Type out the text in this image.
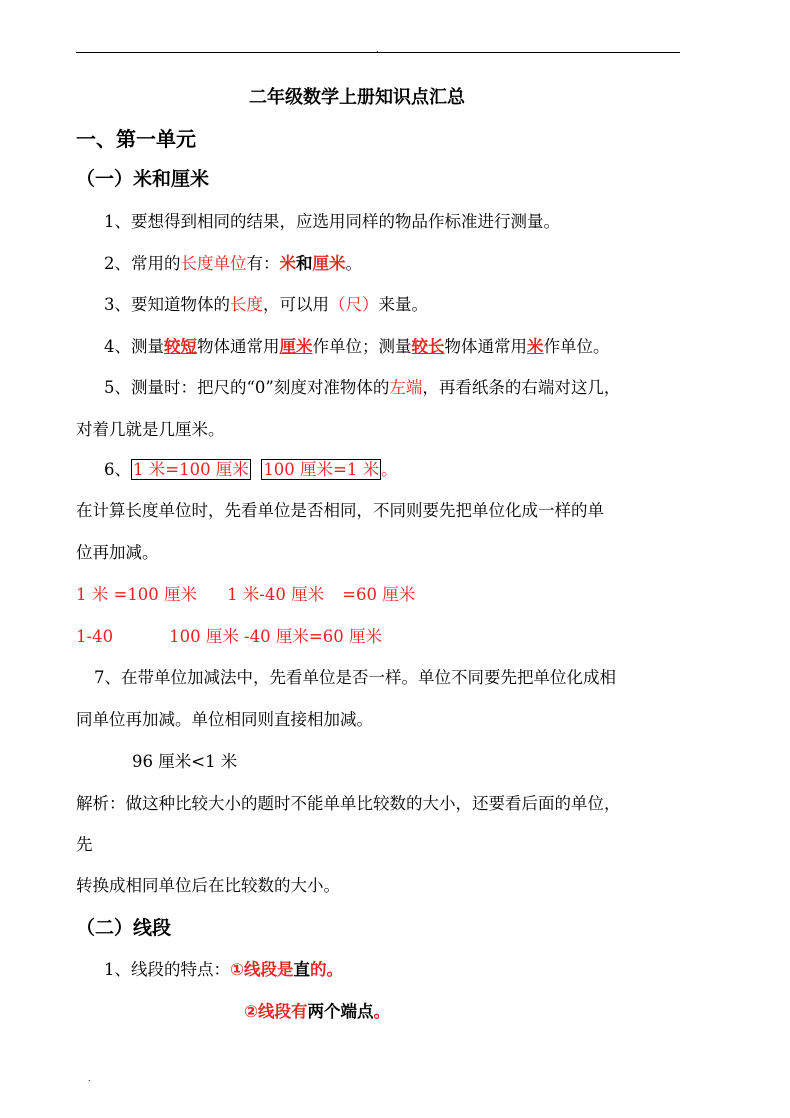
.
二年级数学上册知识点汇总
一、第一单元
（一）米和厘米
1、要想得到相同的结果，应选用同样的物品作标准进行测量。
2、常用的长度单位有：米和厘米。
3、要知道物体的长度，可以用（尺）来量。
4、测量较短物体通常用厘米作单位；测量较长物体通常用米作单位。
5、测量时：把尺的“0”刻度对准物体的左端，再看纸条的右端对这几，
对着几就是几厘米。
6、 1 米=100 厘米 100 厘米=1 米 。
在计算长度单位时，先看单位是否相同，不同则要先把单位化成一样的单
位再加减。
1 米 =100 厘米 1 米-40 厘米 =60 厘米
1-40	100 厘米 -40 厘米=60 厘米
7、在带单位加减法中，先看单位是否一样。单位不同要先把单位化成相
同单位再加减。单位相同则直接相加减。
96 厘米<1 米
解析：做这种比较大小的题时不能单单比较数的大小，还要看后面的单位，
先
转换成相同单位后在比较数的大小。
（二）线段
1、线段的特点：①线段是直的。
②线段有两个端点。
.
